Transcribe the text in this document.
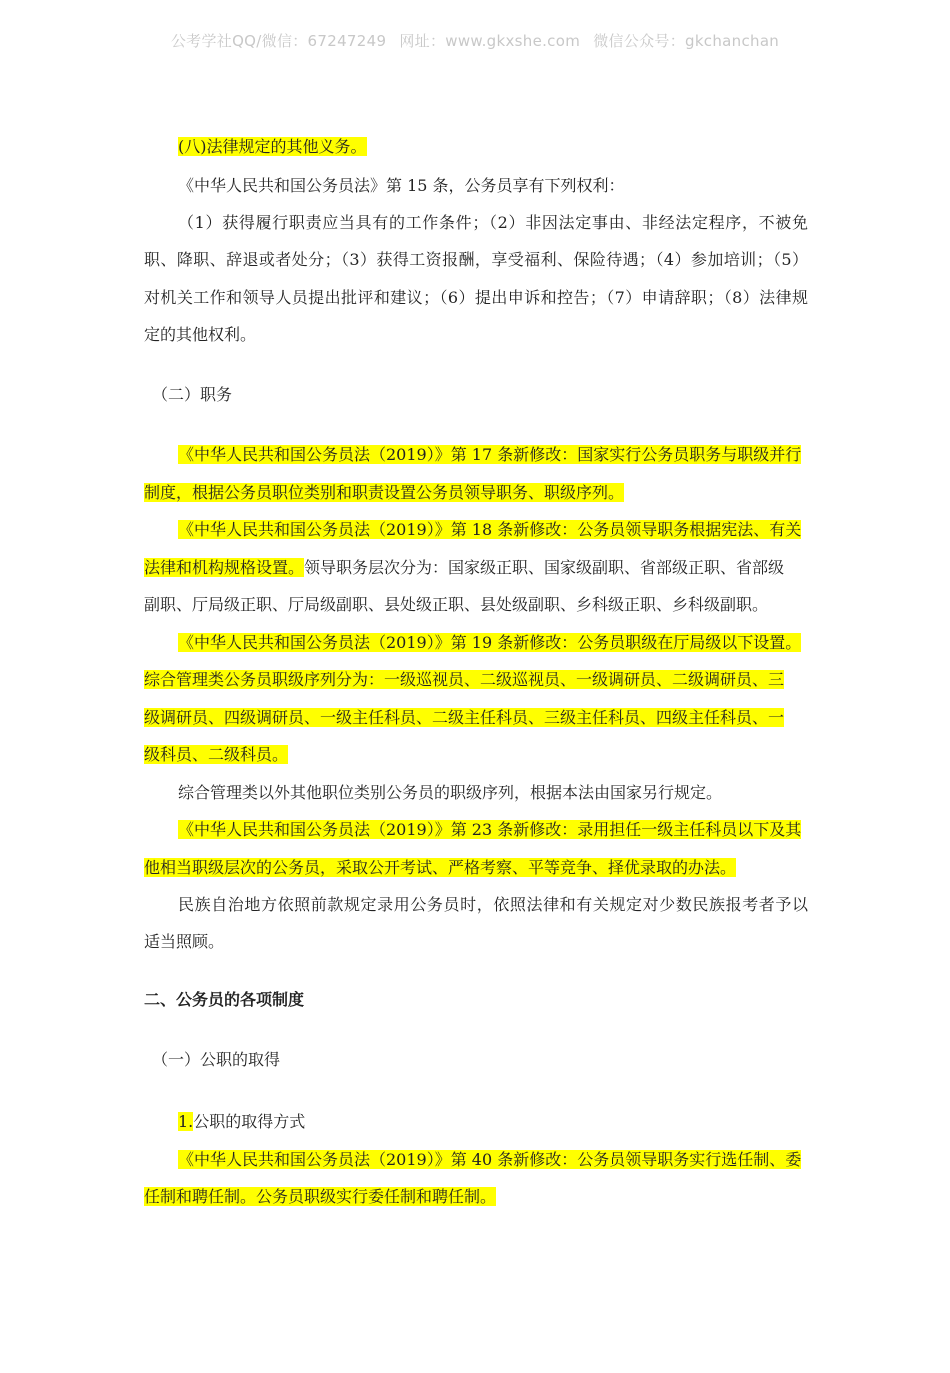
公考学社QQ/微信：67247249 网址：www.gkxshe.com 微信公众号：gkchanchan
(八)法律规定的其他义务。
《中华人民共和国公务员法》第 15 条，公务员享有下列权利：
（1）获得履行职责应当具有的工作条件；（2）非因法定事由、非经法定程序，不被免
职、降职、辞退或者处分；（3）获得工资报酬，享受福利、保险待遇；（4）参加培训；（5）
对机关工作和领导人员提出批评和建议；（6）提出申诉和控告；（7）申请辞职；（8）法律规
定的其他权利。
（二）职务
《中华人民共和国公务员法（2019）》第 17 条新修改：国家实行公务员职务与职级并行
制度，根据公务员职位类别和职责设置公务员领导职务、职级序列。
《中华人民共和国公务员法（2019）》第 18 条新修改：公务员领导职务根据宪法、有关
法律和机构规格设置。领导职务层次分为：国家级正职、国家级副职、省部级正职、省部级
副职、厅局级正职、厅局级副职、县处级正职、县处级副职、乡科级正职、乡科级副职。
《中华人民共和国公务员法（2019）》第 19 条新修改：公务员职级在厅局级以下设置。
综合管理类公务员职级序列分为：一级巡视员、二级巡视员、一级调研员、二级调研员、三
级调研员、四级调研员、一级主任科员、二级主任科员、三级主任科员、四级主任科员、一
级科员、二级科员。
综合管理类以外其他职位类别公务员的职级序列，根据本法由国家另行规定。
《中华人民共和国公务员法（2019）》第 23 条新修改：录用担任一级主任科员以下及其
他相当职级层次的公务员，采取公开考试、严格考察、平等竞争、择优录取的办法。
民族自治地方依照前款规定录用公务员时，依照法律和有关规定对少数民族报考者予以
适当照顾。
二、公务员的各项制度
（一）公职的取得
1.公职的取得方式
《中华人民共和国公务员法（2019）》第 40 条新修改：公务员领导职务实行选任制、委
任制和聘任制。公务员职级实行委任制和聘任制。
